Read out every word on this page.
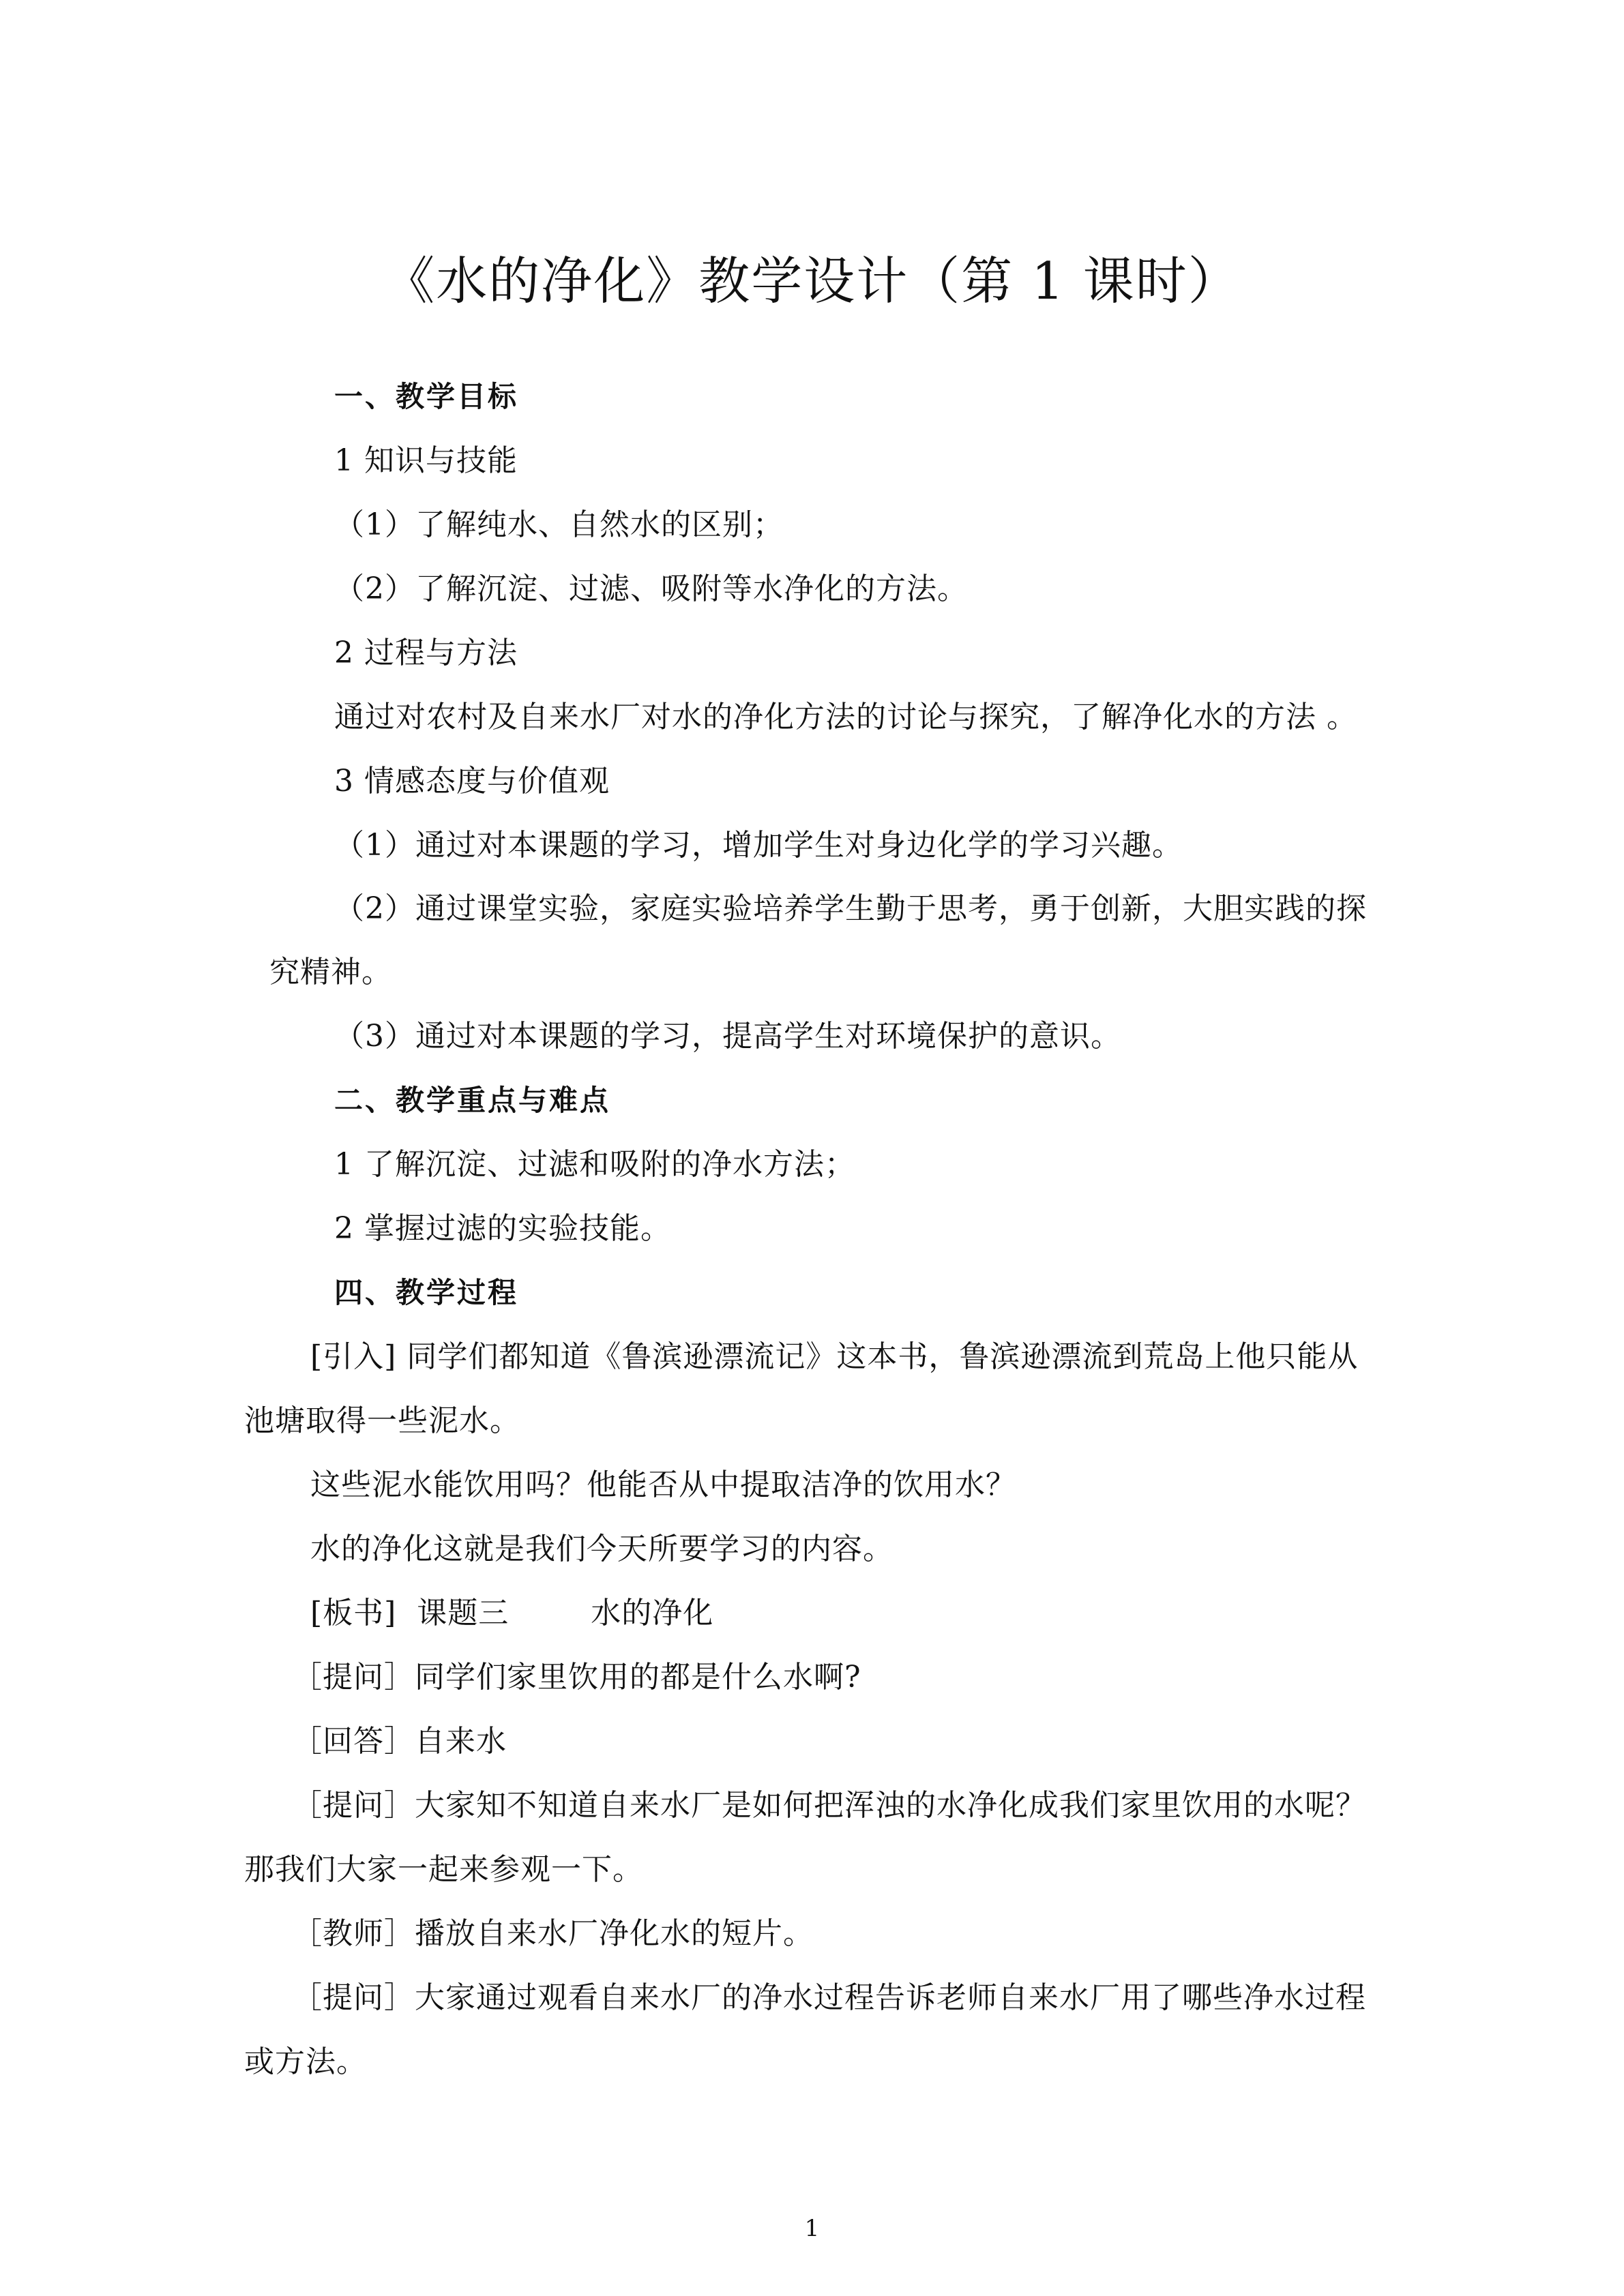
《水的净化》教学设计（第 1 课时）
一、教学目标
1 知识与技能
（1）了解纯水、自然水的区别；
（2）了解沉淀、过滤、吸附等水净化的方法。
2 过程与方法
通过对农村及自来水厂对水的净化方法的讨论与探究，了解净化水的方法 。
3 情感态度与价值观
（1）通过对本课题的学习，增加学生对身边化学的学习兴趣。
（2）通过课堂实验，家庭实验培养学生勤于思考，勇于创新，大胆实践的探
究精神。
（3）通过对本课题的学习，提高学生对环境保护的意识。
二、教学重点与难点
1 了解沉淀、过滤和吸附的净水方法；
2 掌握过滤的实验技能。
四、教学过程
[引入] 同学们都知道《鲁滨逊漂流记》这本书，鲁滨逊漂流到荒岛上他只能从
池塘取得一些泥水。
这些泥水能饮用吗？他能否从中提取洁净的饮用水？
水的净化这就是我们今天所要学习的内容。
[板书]  课题三        水的净化
［提问］同学们家里饮用的都是什么水啊?
［回答］自来水
［提问］大家知不知道自来水厂是如何把浑浊的水净化成我们家里饮用的水呢？
那我们大家一起来参观一下。
［教师］播放自来水厂净化水的短片。
［提问］大家通过观看自来水厂的净水过程告诉老师自来水厂用了哪些净水过程
或方法。
1
